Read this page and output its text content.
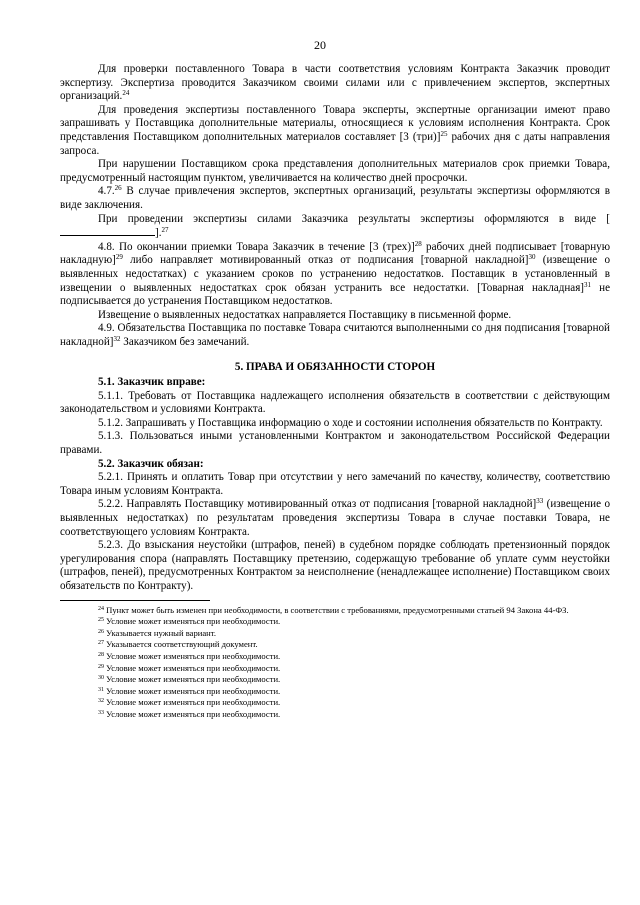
20

Для проверки поставленного Товара в части соответствия условиям Контракта Заказчик проводит экспертизу. Экспертиза проводится Заказчиком своими силами или с привлечением экспертов, экспертных организаций.$^{24}$

Для проведения экспертизы поставленного Товара эксперты, экспертные организации имеют право запрашивать у Поставщика дополнительные материалы, относящиеся к условиям исполнения Контракта. Срок представления Поставщиком дополнительных материалов составляет [3 (три)]$^{25}$ рабочих дня с даты направления запроса.

При нарушении Поставщиком срока представления дополнительных материалов срок приемки Товара, предусмотренный настоящим пунктом, увеличивается на количество дней просрочки.

4.7.26 В случае привлечения экспертов, экспертных организаций, результаты экспертизы оформляются в виде заключения.

При проведении экспертизы силами Заказчика результаты экспертизы оформляются в виде [].$^{27}$

4.8. По окончании приемки Товара Заказчик в течение [3 (трех)]$^{28}$ рабочих дней подписывает [товарную накладную]$^{29}$ либо направляет мотивированный отказ от подписания [товарной накладной]$^{30}$ (извещение о выявленных недостатках) с указанием сроков по устранению недостатков. Поставщик в установленный в извещении о выявленных недостатках срок обязан устранить все недостатки. [Товарная накладная]$^{31}$ не подписывается до устранения Поставщиком недостатков.

Извещение о выявленных недостатках направляется Поставщику в письменной форме.

4.9. Обязательства Поставщика по поставке Товара считаются выполненными со дня подписания [товарной накладной]$^{32}$ Заказчиком без замечаний.

5. ПРАВА И ОБЯЗАННОСТИ СТОРОН

5.1. Заказчик вправе:

5.1.1. Требовать от Поставщика надлежащего исполнения обязательств в соответствии с действующим законодательством и условиями Контракта.

5.1.2. Запрашивать у Поставщика информацию о ходе и состоянии исполнения обязательств по Контракту.

5.1.3. Пользоваться иными установленными Контрактом и законодательством Российской Федерации правами.

5.2. Заказчик обязан:

5.2.1. Принять и оплатить Товар при отсутствии у него замечаний по качеству, количеству, соответствию Товара иным условиям Контракта.

5.2.2. Направлять Поставщику мотивированный отказ от подписания [товарной накладной]$^{33}$ (извещение о выявленных недостатках) по результатам проведения экспертизы Товара в случае поставки Товара, не соответствующего условиям Контракта.

5.2.3. До взыскания неустойки (штрафов, пеней) в судебном порядке соблюдать претензионный порядок урегулирования спора (направлять Поставщику претензию, содержащую требование об уплате сумм неустойки (штрафов, пеней), предусмотренных Контрактом за неисполнение (ненадлежащее исполнение) Поставщиком своих обязательств по Контракту).

$^{24}$ Пункт может быть изменен при необходимости, в соответствии с требованиями, предусмотренными статьей 94 Закона 44-ФЗ.

$^{25}$ Условие может изменяться при необходимости.

$^{26}$ Указывается нужный вариант.

$^{27}$ Указывается соответствующий документ.

$^{28}$ Условие может изменяться при необходимости.

$^{29}$ Условие может изменяться при необходимости.

$^{30}$ Условие может изменяться при необходимости.

$^{31}$ Условие может изменяться при необходимости.

$^{32}$ Условие может изменяться при необходимости.

$^{33}$ Условие может изменяться при необходимости.
